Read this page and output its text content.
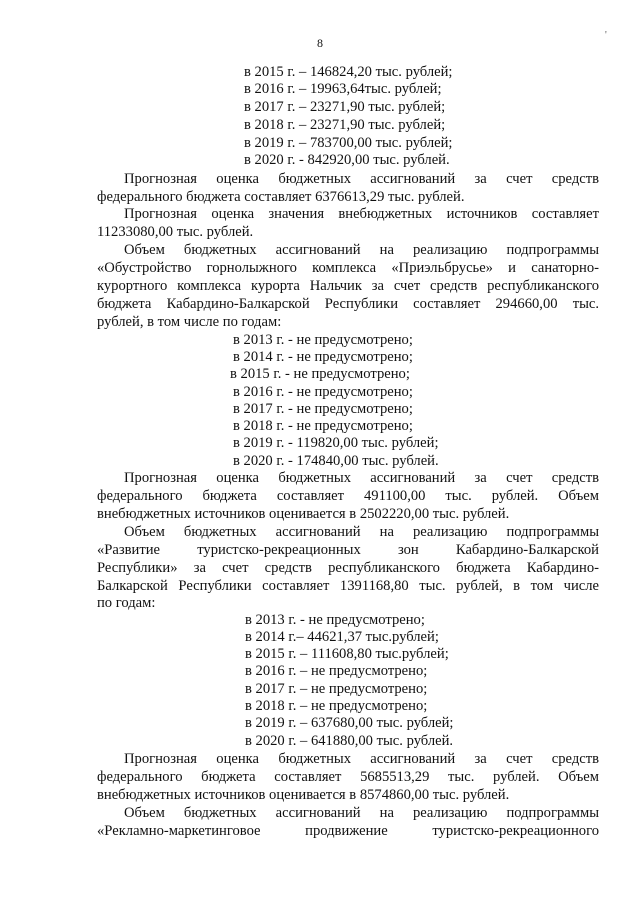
8
'
в 2015 г. – 146824,20 тыс. рублей;
в 2016 г. – 19963,64тыс. рублей;
в 2017 г. – 23271,90 тыс. рублей;
в 2018 г. – 23271,90 тыс. рублей;
в 2019 г. – 783700,00 тыс. рублей;
в 2020 г. - 842920,00 тыс. рублей.
Прогнозная оценка бюджетных ассигнований за счет средств
федерального бюджета составляет 6376613,29 тыс. рублей.
Прогнозная оценка значения внебюджетных источников составляет
11233080,00 тыс. рублей.
Объем бюджетных ассигнований на реализацию подпрограммы
«Обустройство горнолыжного комплекса «Приэльбрусье» и санаторно-
курортного комплекса курорта Нальчик за счет средств республиканского
бюджета Кабардино-Балкарской Республики составляет 294660,00 тыс.
рублей, в том числе по годам:
в 2013 г. - не предусмотрено;
в 2014 г. - не предусмотрено;
в 2015 г. - не предусмотрено;
в 2016 г. - не предусмотрено;
в 2017 г. - не предусмотрено;
в 2018 г. - не предусмотрено;
в 2019 г. - 119820,00 тыс. рублей;
в 2020 г. - 174840,00 тыс. рублей.
Прогнозная оценка бюджетных ассигнований за счет средств
федерального бюджета составляет 491100,00 тыс. рублей. Объем
внебюджетных источников оценивается в 2502220,00 тыс. рублей.
Объем бюджетных ассигнований на реализацию подпрограммы
«Развитие туристско-рекреационных зон Кабардино-Балкарской
Республики» за счет средств республиканского бюджета Кабардино-
Балкарской Республики составляет 1391168,80 тыс. рублей, в том числе
по годам:
в 2013 г. - не предусмотрено;
в 2014 г.– 44621,37 тыс.рублей;
в 2015 г. – 111608,80 тыс.рублей;
в 2016 г. – не предусмотрено;
в 2017 г. – не предусмотрено;
в 2018 г. – не предусмотрено;
в 2019 г. – 637680,00 тыс. рублей;
в 2020 г. – 641880,00 тыс. рублей.
Прогнозная оценка бюджетных ассигнований за счет средств
федерального бюджета составляет 5685513,29 тыс. рублей. Объем
внебюджетных источников оценивается в 8574860,00 тыс. рублей.
Объем бюджетных ассигнований на реализацию подпрограммы
«Рекламно-маркетинговое продвижение туристско-рекреационного
